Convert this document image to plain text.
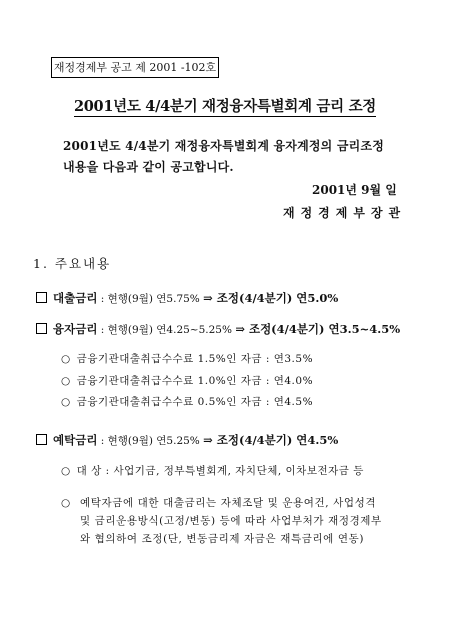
재정경제부 공고 제 2001 -102호
2001년도 4/4분기 재정융자특별회계 금리 조정
2001년도 4/4분기 재정융자특별회계 융자계정의 금리조정
내용을 다음과 같이 공고합니다.
2001년 9월 일
재정경제부장관
1. 주요내용
대출금리 : 현행(9월) 연5.75% ⇒ 조정(4/4분기) 연5.0%
융자금리 : 현행(9월) 연4.25~5.25% ⇒ 조정(4/4분기) 연3.5~4.5%
○ 금융기관대출취급수수료 1.5%인 자금 : 연3.5%
○ 금융기관대출취급수수료 1.0%인 자금 : 연4.0%
○ 금융기관대출취급수수료 0.5%인 자금 : 연4.5%
예탁금리 : 현행(9월) 연5.25% ⇒ 조정(4/4분기) 연4.5%
○ 대 상 : 사업기금, 정부특별회계, 자치단체, 이차보전자금 등
○ 예탁자금에 대한 대출금리는 자체조달 및 운용여건, 사업성격
및 금리운용방식(고정/변동) 등에 따라 사업부처가 재정경제부
와 협의하여 조정(단, 변동금리제 자금은 재특금리에 연동)
